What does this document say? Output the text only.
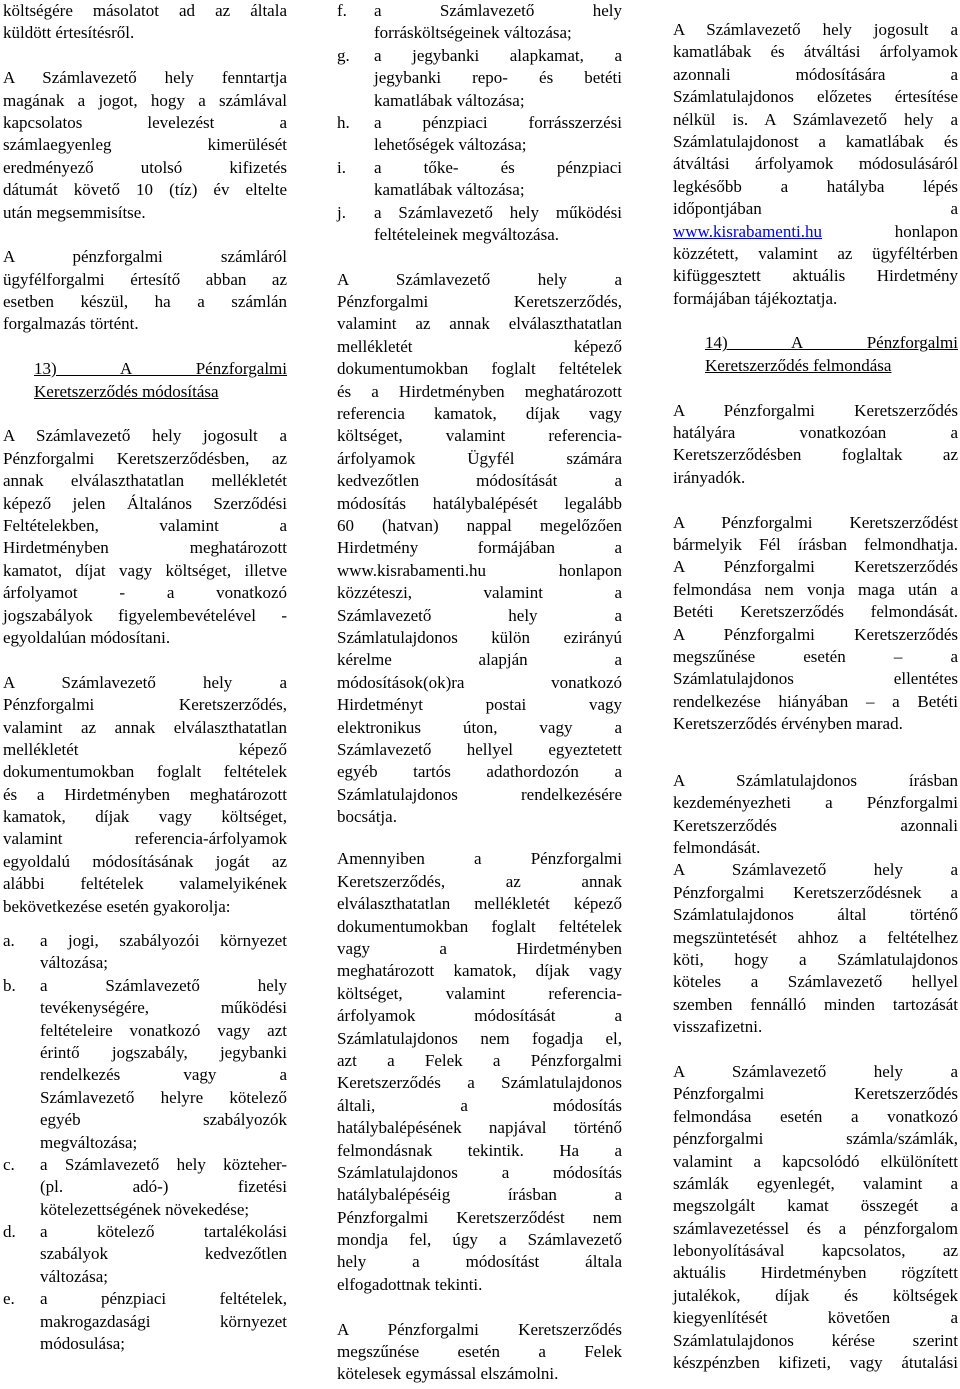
költségére másolatot ad az általa
küldött értesítésről.
A Számlavezető hely fenntartja
magának a jogot, hogy a számlával
kapcsolatos levelezést a
számlaegyenleg kimerülését
eredményező utolsó kifizetés
dátumát követő 10 (tíz) év eltelte
után megsemmisítse.
A pénzforgalmi számláról
ügyfélforgalmi értesítő abban az
esetben készül, ha a számlán
forgalmazás történt.
13) A Pénzforgalmi
Keretszerződés módosítása
A Számlavezető hely jogosult a
Pénzforgalmi Keretszerződésben, az
annak elválaszthatatlan mellékletét
képező jelen Általános Szerződési
Feltételekben, valamint a
Hirdetményben meghatározott
kamatot, díjat vagy költséget, illetve
árfolyamot - a vonatkozó
jogszabályok figyelembevételével -
egyoldalúan módosítani.
A Számlavezető hely a
Pénzforgalmi Keretszerződés,
valamint az annak elválaszthatatlan
mellékletét képező
dokumentumokban foglalt feltételek
és a Hirdetményben meghatározott
kamatok, díjak vagy költséget,
valamint referencia-árfolyamok
egyoldalú módosításának jogát az
alábbi feltételek valamelyikének
bekövetkezése esetén gyakorolja:
a. a jogi, szabályozói környezet
változása;
b. a Számlavezető hely
tevékenységére, működési
feltételeire vonatkozó vagy azt
érintő jogszabály, jegybanki
rendelkezés vagy a
Számlavezető helyre kötelező
egyéb szabályozók
megváltozása;
c. a Számlavezető hely közteher-
(pl. adó-) fizetési
kötelezettségének növekedése;
d. a kötelező tartalékolási
szabályok kedvezőtlen
változása;
e. a pénzpiaci feltételek,
makrogazdasági környezet
módosulása;
f. a Számlavezető hely
forrásköltségeinek változása;
g. a jegybanki alapkamat, a
jegybanki repo- és betéti
kamatlábak változása;
h. a pénzpiaci forrásszerzési
lehetőségek változása;
i. a tőke- és pénzpiaci
kamatlábak változása;
j. a Számlavezető hely működési
feltételeinek megváltozása.
A Számlavezető hely a
Pénzforgalmi Keretszerződés,
valamint az annak elválaszthatatlan
mellékletét képező
dokumentumokban foglalt feltételek
és a Hirdetményben meghatározott
referencia kamatok, díjak vagy
költséget, valamint referencia-
árfolyamok Ügyfél számára
kedvezőtlen módosítását a
módosítás hatálybalépését legalább
60 (hatvan) nappal megelőzően
Hirdetmény formájában a
www.kisrabamenti.hu honlapon
közzéteszi, valamint a
Számlavezető hely a
Számlatulajdonos külön ezirányú
kérelme alapján a
módosítások(ok)ra vonatkozó
Hirdetményt postai vagy
elektronikus úton, vagy a
Számlavezető hellyel egyeztetett
egyéb tartós adathordozón a
Számlatulajdonos rendelkezésére
bocsátja.
Amennyiben a Pénzforgalmi
Keretszerződés, az annak
elválaszthatatlan mellékletét képező
dokumentumokban foglalt feltételek
vagy a Hirdetményben
meghatározott kamatok, díjak vagy
költséget, valamint referencia-
árfolyamok módosítását a
Számlatulajdonos nem fogadja el,
azt a Felek a Pénzforgalmi
Keretszerződés a Számlatulajdonos
általi, a módosítás
hatálybalépésének napjával történő
felmondásnak tekintik. Ha a
Számlatulajdonos a módosítás
hatálybalépéséig írásban a
Pénzforgalmi Keretszerződést nem
mondja fel, úgy a Számlavezető
hely a módosítást általa
elfogadottnak tekinti.
A Pénzforgalmi Keretszerződés
megszűnése esetén a Felek
kötelesek egymással elszámolni.
A Számlavezető hely jogosult a
kamatlábak és átváltási árfolyamok
azonnali módosítására a
Számlatulajdonos előzetes értesítése
nélkül is. A Számlavezető hely a
Számlatulajdonost a kamatlábak és
átváltási árfolyamok módosulásáról
legkésőbb a hatályba lépés
időpontjában a
www.kisrabamenti.hu	honlapon
közzétett, valamint az ügyféltérben
kifüggesztett aktuális Hirdetmény
formájában tájékoztatja.
14) A Pénzforgalmi
Keretszerződés felmondása
A Pénzforgalmi Keretszerződés
hatályára vonatkozóan a
Keretszerződésben foglaltak az
irányadók.
A Pénzforgalmi Keretszerződést
bármelyik Fél írásban felmondhatja.
A Pénzforgalmi Keretszerződés
felmondása nem vonja maga után a
Betéti Keretszerződés felmondását.
A Pénzforgalmi Keretszerződés
megszűnése esetén – a
Számlatulajdonos ellentétes
rendelkezése hiányában – a Betéti
Keretszerződés érvényben marad.
A Számlatulajdonos írásban
kezdeményezheti a Pénzforgalmi
Keretszerződés azonnali
felmondását.
A Számlavezető hely a
Pénzforgalmi Keretszerződésnek a
Számlatulajdonos által történő
megszüntetését ahhoz a feltételhez
köti, hogy a Számlatulajdonos
köteles a Számlavezető hellyel
szemben fennálló minden tartozását
visszafizetni.
A Számlavezető hely a
Pénzforgalmi Keretszerződés
felmondása esetén a vonatkozó
pénzforgalmi számla/számlák,
valamint a kapcsolódó elkülönített
számlák egyenlegét, valamint a
megszolgált kamat összegét a
számlavezetéssel és a pénzforgalom
lebonyolításával kapcsolatos, az
aktuális Hirdetményben rögzített
jutalékok, díjak és költségek
kiegyenlítését követően a
Számlatulajdonos kérése szerint
készpénzben kifizeti, vagy átutalási
